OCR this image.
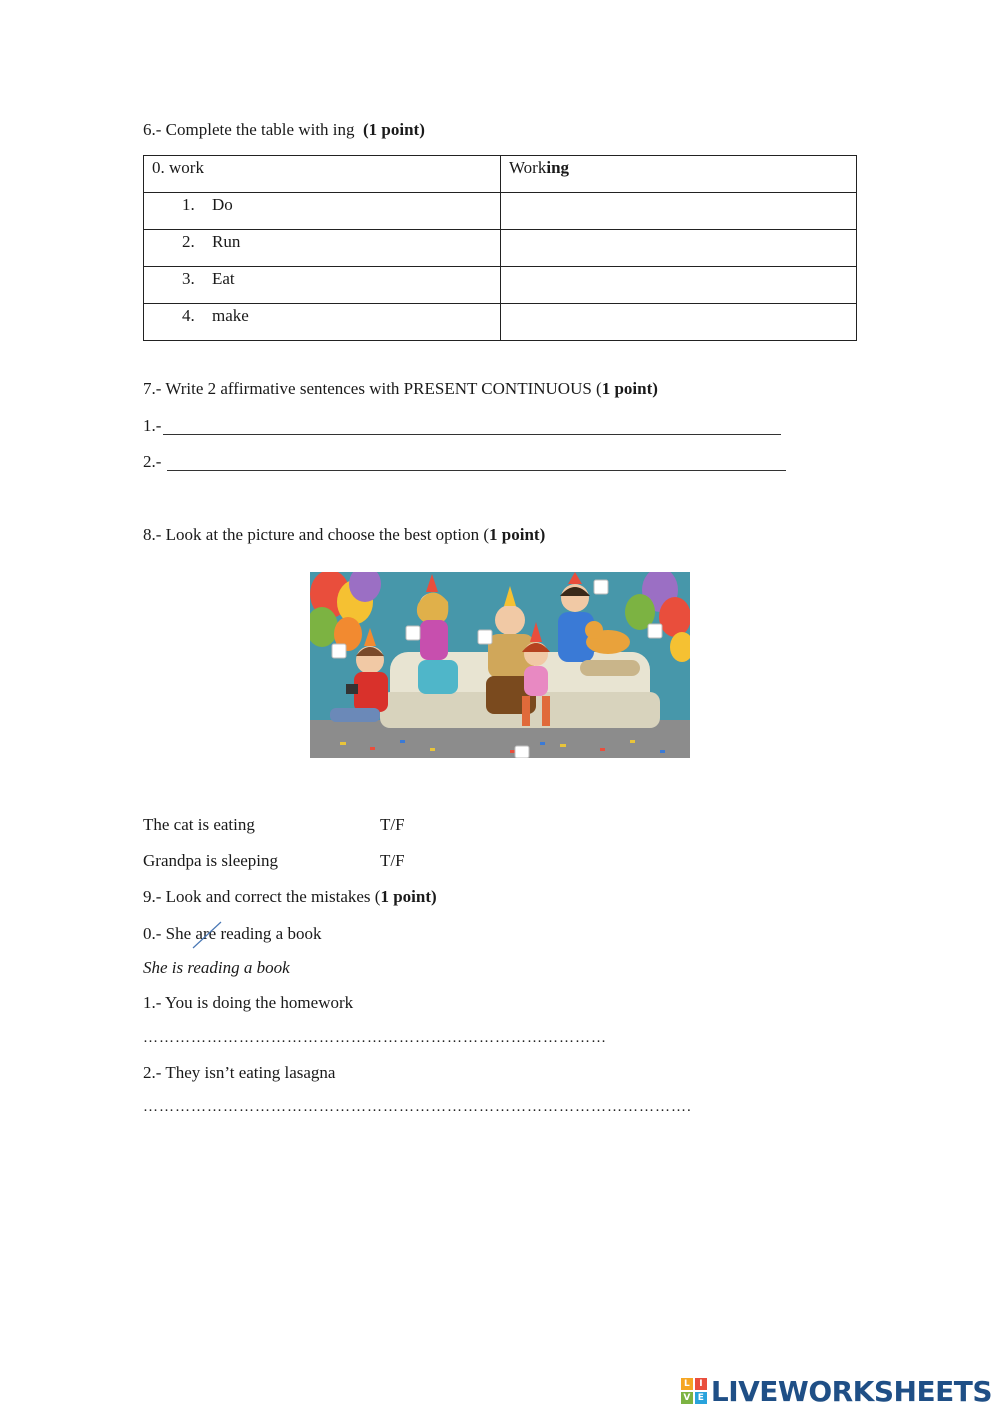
6.- Complete the table with ing (1 point)
0. work	Working
1. Do	
2. Run	
3. Eat	
4. make	
7.- Write 2 affirmative sentences with PRESENT CONTINUOUS (1 point)
1.-
2.-
8.- Look at the picture and choose the best option (1 point)
The cat is eating	T/F
Grandpa is sleeping	T/F
9.- Look and correct the mistakes (1 point)
0.- She are
reading a book
She is reading a book
1.- You is doing the homework
……………………………………………………………………………
2.- They isn’t eating lasagna
………………………………………………………………………………………….
L	I
V E LIVEWORKSHEETS
